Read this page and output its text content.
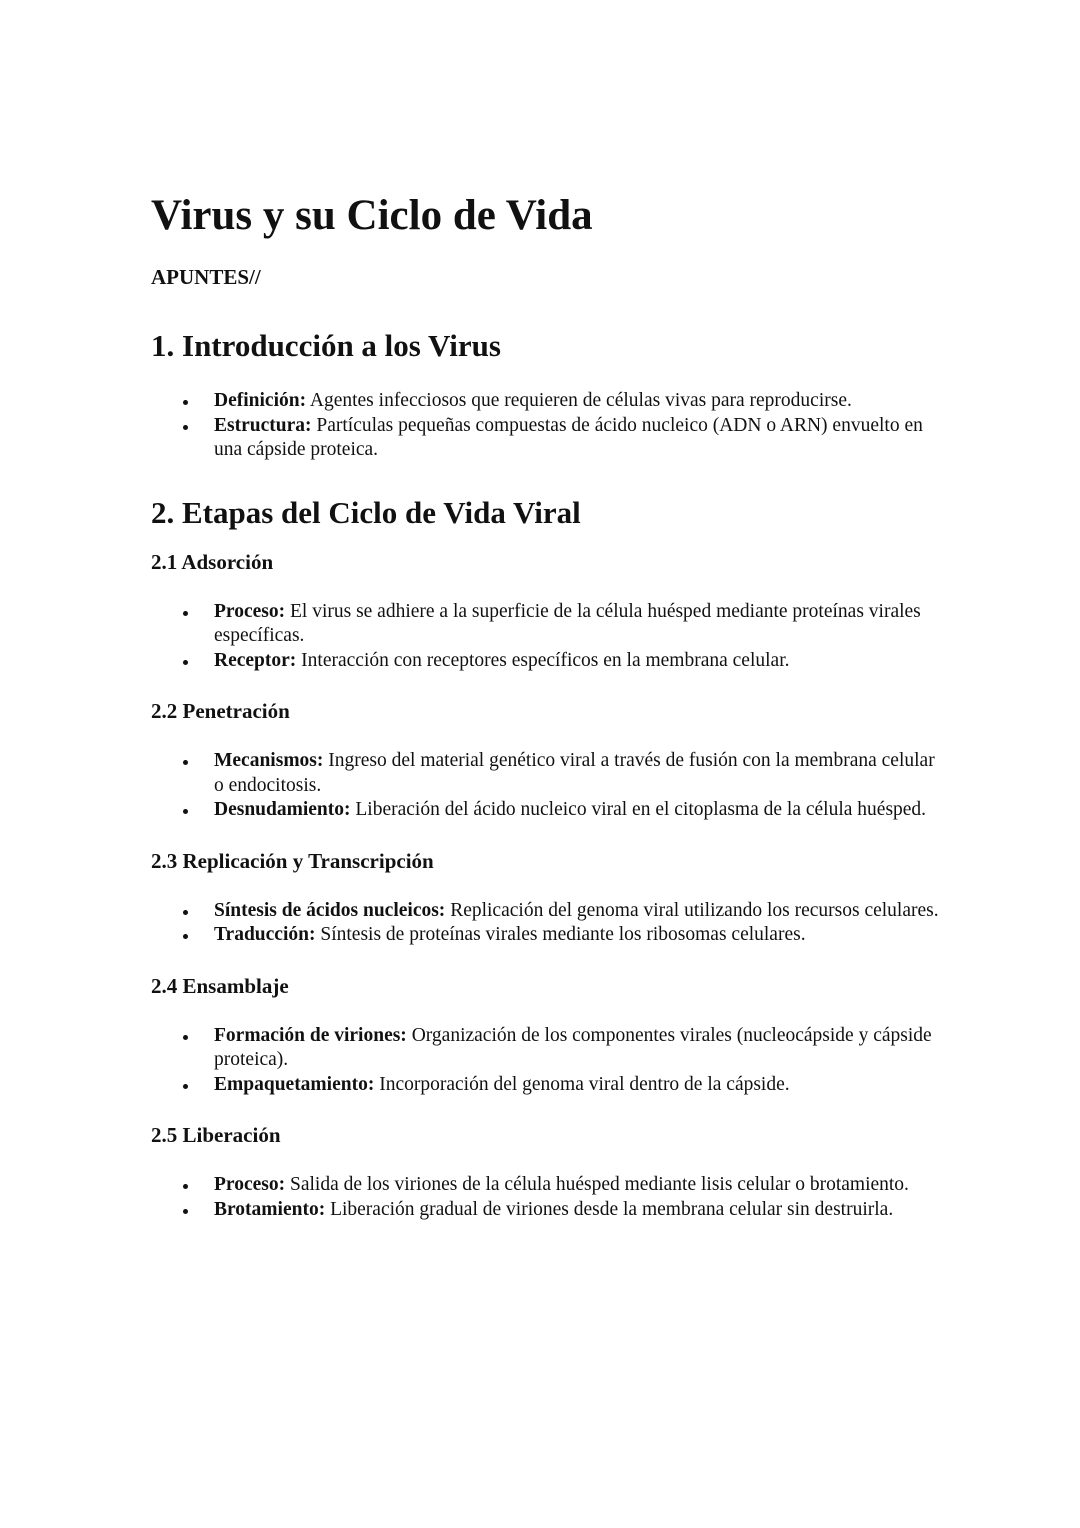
Virus y su Ciclo de Vida
APUNTES//
1. Introducción a los Virus
Definición: Agentes infecciosos que requieren de células vivas para reproducirse.
Estructura: Partículas pequeñas compuestas de ácido nucleico (ADN o ARN) envuelto en una cápside proteica.
2. Etapas del Ciclo de Vida Viral
2.1 Adsorción
Proceso: El virus se adhiere a la superficie de la célula huésped mediante proteínas virales específicas.
Receptor: Interacción con receptores específicos en la membrana celular.
2.2 Penetración
Mecanismos: Ingreso del material genético viral a través de fusión con la membrana celular o endocitosis.
Desnudamiento: Liberación del ácido nucleico viral en el citoplasma de la célula huésped.
2.3 Replicación y Transcripción
Síntesis de ácidos nucleicos: Replicación del genoma viral utilizando los recursos celulares.
Traducción: Síntesis de proteínas virales mediante los ribosomas celulares.
2.4 Ensamblaje
Formación de viriones: Organización de los componentes virales (nucleocápside y cápside proteica).
Empaquetamiento: Incorporación del genoma viral dentro de la cápside.
2.5 Liberación
Proceso: Salida de los viriones de la célula huésped mediante lisis celular o brotamiento.
Brotamiento: Liberación gradual de viriones desde la membrana celular sin destruirla.
